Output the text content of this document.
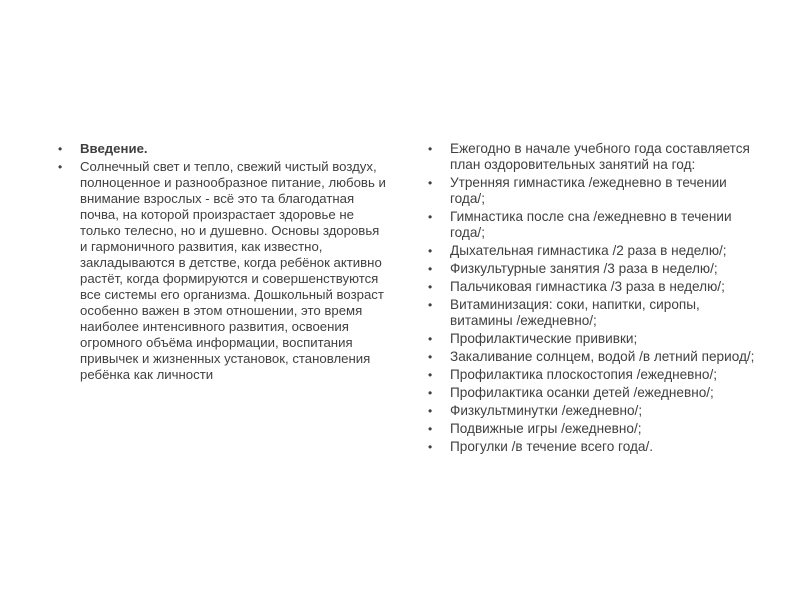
• Введение.
• Солнечный свет и тепло, свежий чистый воздух, полноценное и разнообразное питание, любовь и внимание взрослых - всё это та благодатная почва, на которой произрастает здоровье не только телесно, но и душевно. Основы здоровья и гармоничного развития, как известно, закладываются в детстве, когда ребёнок активно растёт, когда формируются и совершенствуются все системы его организма. Дошкольный возраст особенно важен в этом отношении, это время наиболее интенсивного развития, освоения огромного объёма информации, воспитания привычек и жизненных установок, становления ребёнка как личности
• Ежегодно в начале учебного года составляется план оздоровительных занятий на год:
• Утренняя гимнастика /ежедневно в течении года/;
• Гимнастика после сна /ежедневно в течении года/;
• Дыхательная гимнастика /2 раза в неделю/;
• Физкультурные занятия /3 раза в неделю/;
• Пальчиковая гимнастика /3 раза в неделю/;
• Витаминизация: соки, напитки, сиропы, витамины /ежедневно/;
• Профилактические прививки;
• Закаливание солнцем, водой /в летний период/;
• Профилактика плоскостопия /ежедневно/;
• Профилактика осанки детей /ежедневно/;
• Физкультминутки /ежедневно/;
• Подвижные игры /ежедневно/;
• Прогулки /в течение всего года/.
